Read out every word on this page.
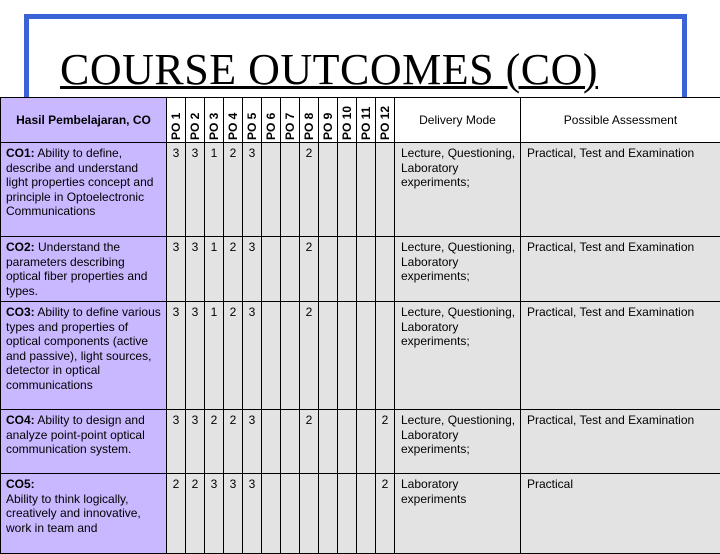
COURSE OUTCOMES (CO)
Hasil Pembelajaran, CO	PO 1	PO 2	PO 3	PO 4	PO 5	PO 6	PO 7	PO 8	PO 9	PO 10	PO 11	PO 12	Delivery Mode	Possible Assessment
CO1: Ability to define, describe and understand light properties concept and principle in Optoelectronic Communications	3	3	1	2	3			2					Lecture, Questioning, Laboratory experiments;	Practical, Test and Examination
CO2: Understand the parameters describing optical fiber properties and types.	3	3	1	2	3			2					Lecture, Questioning, Laboratory experiments;	Practical, Test and Examination
CO3: Ability to define various types and properties of optical components (active and passive), light sources, detector in optical communications	3	3	1	2	3			2					Lecture, Questioning, Laboratory experiments;	Practical, Test and Examination
CO4: Ability to design and analyze point-point optical communication system.	3	3	2	2	3			2				2	Lecture, Questioning, Laboratory experiments;	Practical, Test and Examination
CO5:
Ability to think logically, creatively and innovative, work in team and	2	2	3	3	3							2	Laboratory experiments	Practical
